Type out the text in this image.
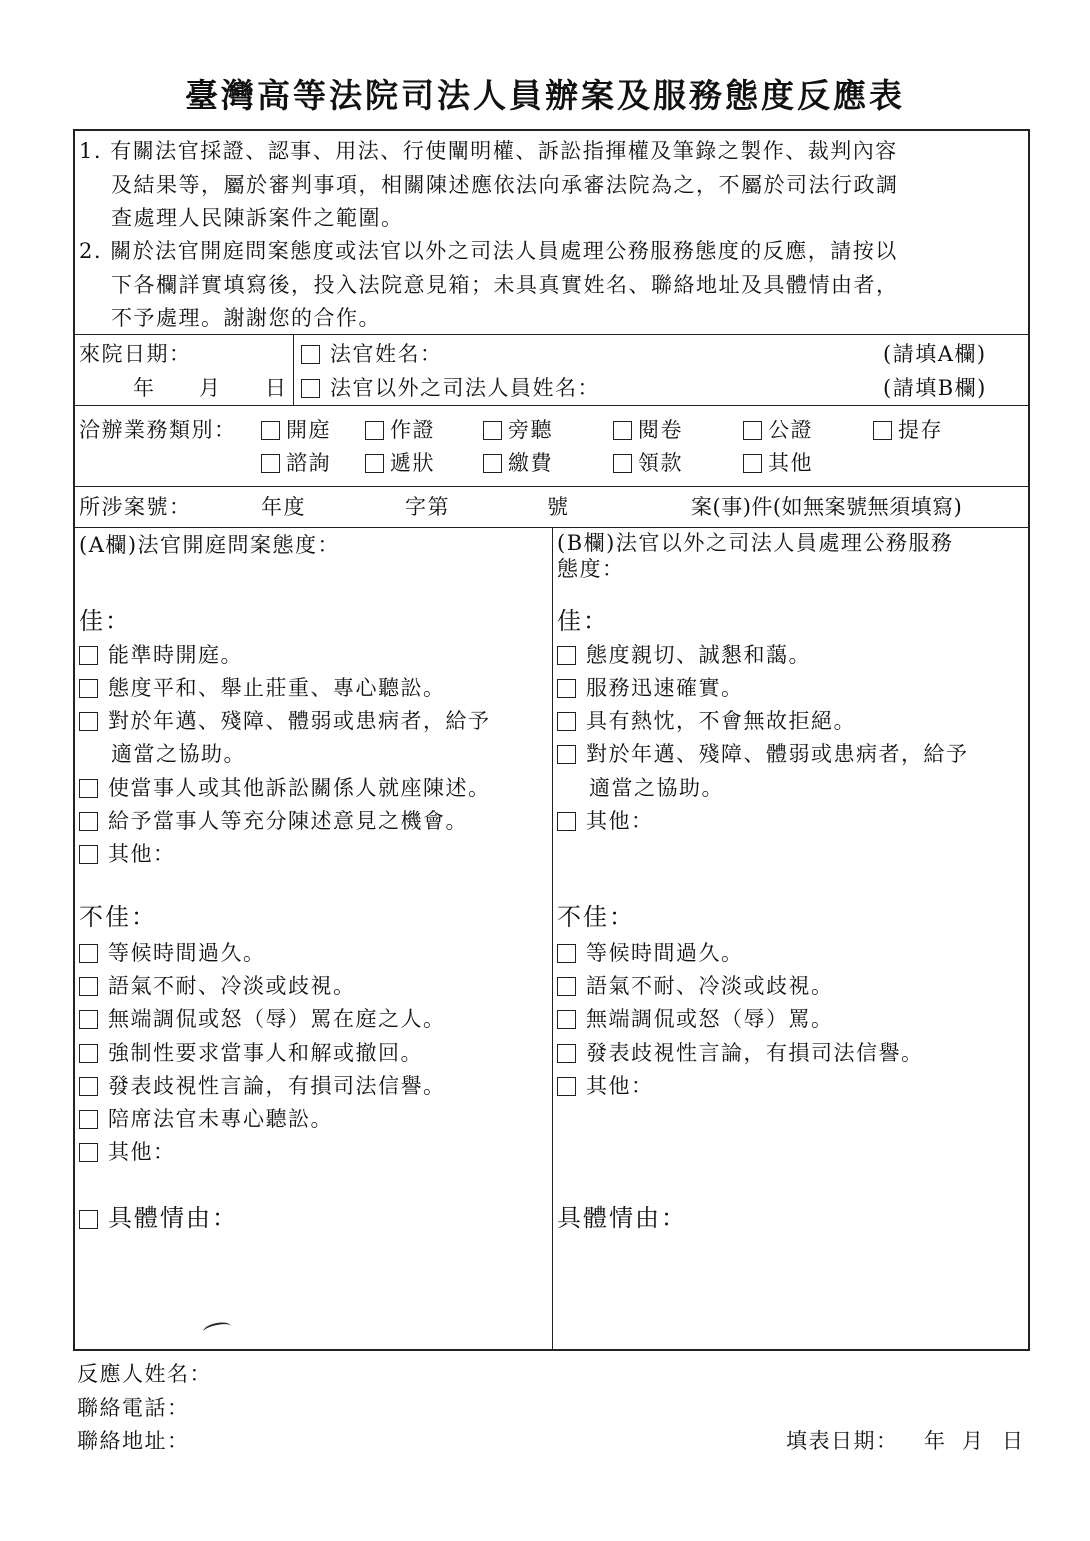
臺灣高等法院司法人員辦案及服務態度反應表
1. 有關法官採證、認事、用法、行使闡明權、訴訟指揮權及筆錄之製作、裁判內容
及結果等，屬於審判事項，相關陳述應依法向承審法院為之，不屬於司法行政調
查處理人民陳訴案件之範圍。
2. 關於法官開庭問案態度或法官以外之司法人員處理公務服務態度的反應，請按以
下各欄詳實填寫後，投入法院意見箱；未具真實姓名、聯絡地址及具體情由者，
不予處理。謝謝您的合作。
來院日期：
年 月 日
法官姓名：	(請填A欄)
法官以外之司法人員姓名：	(請填B欄)
洽辦業務類別：	開庭	作證	旁聽	閱卷	公證	提存
諮詢	遞狀	繳費	領款	其他
所涉案號：	年度	字第	號	案(事)件(如無案號無須填寫)
(A欄)法官開庭問案態度：
佳：
能準時開庭。
態度平和、舉止莊重、專心聽訟。
對於年邁、殘障、體弱或患病者，給予
適當之協助。
使當事人或其他訴訟關係人就座陳述。
給予當事人等充分陳述意見之機會。
其他：
不佳：
等候時間過久。
語氣不耐、冷淡或歧視。
無端調侃或怒（辱）罵在庭之人。
強制性要求當事人和解或撤回。
發表歧視性言論，有損司法信譽。
陪席法官未專心聽訟。
其他：
具體情由：
(B欄)法官以外之司法人員處理公務服務
態度：
佳：
態度親切、誠懇和藹。
服務迅速確實。
具有熱忱，不會無故拒絕。
對於年邁、殘障、體弱或患病者，給予
適當之協助。
其他：
不佳：
等候時間過久。
語氣不耐、冷淡或歧視。
無端調侃或怒（辱）罵。
發表歧視性言論，有損司法信譽。
其他：
具體情由：
反應人姓名：
聯絡電話：
聯絡地址：	填表日期： 年 月 日
